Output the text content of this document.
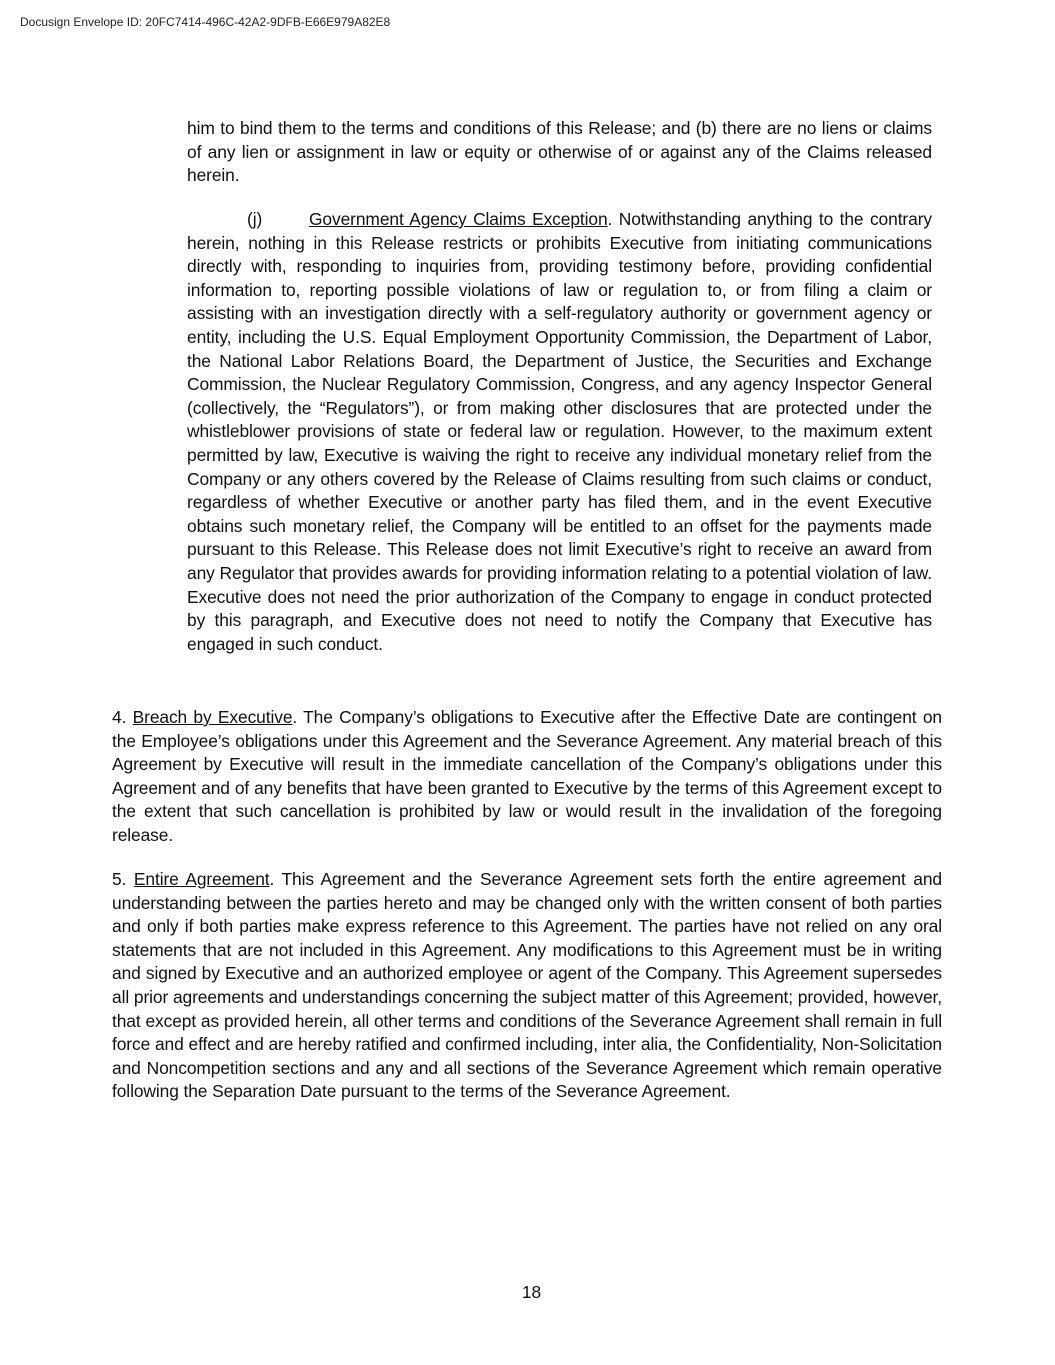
Docusign Envelope ID: 20FC7414-496C-42A2-9DFB-E66E979A82E8

him to bind them to the terms and conditions of this Release; and (b) there are no liens or claims of any lien or assignment in law or equity or otherwise of or against any of the Claims released herein.

(j)	Government Agency Claims Exception. Notwithstanding anything to the contrary herein, nothing in this Release restricts or prohibits Executive from initiating communications directly with, responding to inquiries from, providing testimony before, providing confidential information to, reporting possible violations of law or regulation to, or from filing a claim or assisting with an investigation directly with a self-regulatory authority or government agency or entity, including the U.S. Equal Employment Opportunity Commission, the Department of Labor, the National Labor Relations Board, the Department of Justice, the Securities and Exchange Commission, the Nuclear Regulatory Commission, Congress, and any agency Inspector General (collectively, the “Regulators”), or from making other disclosures that are protected under the whistleblower provisions of state or federal law or regulation. However, to the maximum extent permitted by law, Executive is waiving the right to receive any individual monetary relief from the Company or any others covered by the Release of Claims resulting from such claims or conduct, regardless of whether Executive or another party has filed them, and in the event Executive obtains such monetary relief, the Company will be entitled to an offset for the payments made pursuant to this Release. This Release does not limit Executive’s right to receive an award from any Regulator that provides awards for providing information relating to a potential violation of law. Executive does not need the prior authorization of the Company to engage in conduct protected by this paragraph, and Executive does not need to notify the Company that Executive has engaged in such conduct.

4. Breach by Executive. The Company’s obligations to Executive after the Effective Date are contingent on the Employee’s obligations under this Agreement and the Severance Agreement. Any material breach of this Agreement by Executive will result in the immediate cancellation of the Company’s obligations under this Agreement and of any benefits that have been granted to Executive by the terms of this Agreement except to the extent that such cancellation is prohibited by law or would result in the invalidation of the foregoing release.

5. Entire Agreement. This Agreement and the Severance Agreement sets forth the entire agreement and understanding between the parties hereto and may be changed only with the written consent of both parties and only if both parties make express reference to this Agreement. The parties have not relied on any oral statements that are not included in this Agreement. Any modifications to this Agreement must be in writing and signed by Executive and an authorized employee or agent of the Company. This Agreement supersedes all prior agreements and understandings concerning the subject matter of this Agreement; provided, however, that except as provided herein, all other terms and conditions of the Severance Agreement shall remain in full force and effect and are hereby ratified and confirmed including, inter alia, the Confidentiality, Non-Solicitation and Noncompetition sections and any and all sections of the Severance Agreement which remain operative following the Separation Date pursuant to the terms of the Severance Agreement.

18
